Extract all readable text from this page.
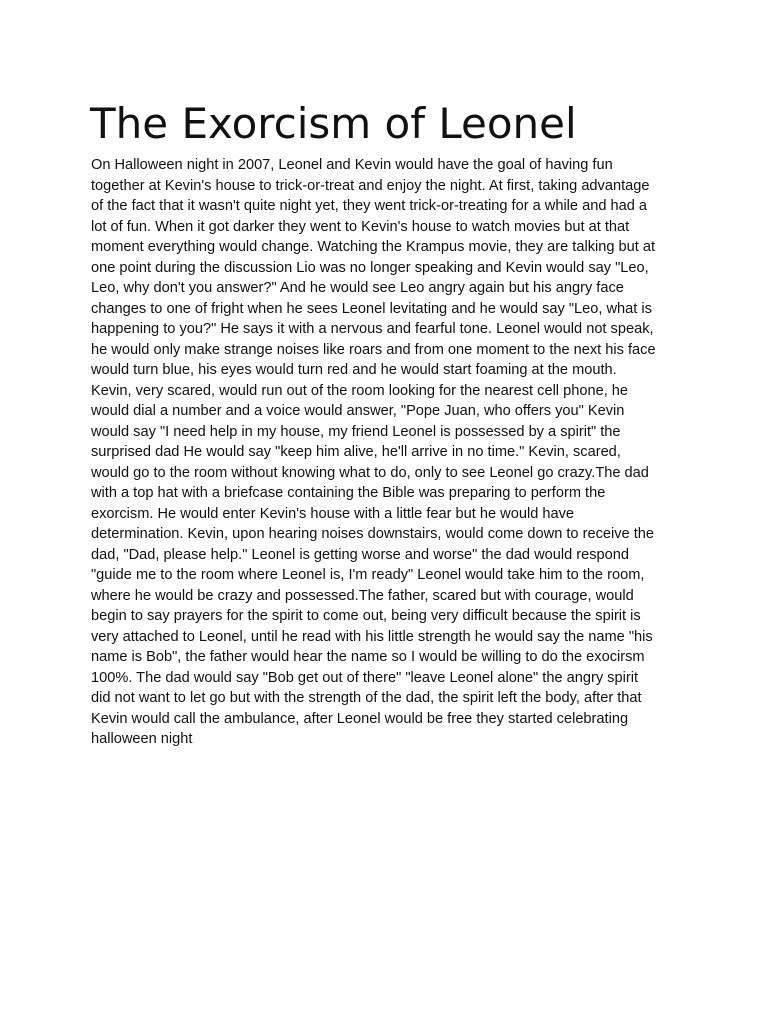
The Exorcism of Leonel
On Halloween night in 2007, Leonel and Kevin would have the goal of having fun
together at Kevin's house to trick-or-treat and enjoy the night. At first, taking advantage
of the fact that it wasn't quite night yet, they went trick-or-treating for a while and had a
lot of fun. When it got darker they went to Kevin's house to watch movies but at that
moment everything would change. Watching the Krampus movie, they are talking but at
one point during the discussion Lio was no longer speaking and Kevin would say "Leo,
Leo, why don't you answer?" And he would see Leo angry again but his angry face
changes to one of fright when he sees Leonel levitating and he would say "Leo, what is
happening to you?" He says it with a nervous and fearful tone. Leonel would not speak,
he would only make strange noises like roars and from one moment to the next his face
would turn blue, his eyes would turn red and he would start foaming at the mouth.
Kevin, very scared, would run out of the room looking for the nearest cell phone, he
would dial a number and a voice would answer, "Pope Juan, who offers you" Kevin
would say "I need help in my house, my friend Leonel is possessed by a spirit" the
surprised dad He would say "keep him alive, he'll arrive in no time." Kevin, scared,
would go to the room without knowing what to do, only to see Leonel go crazy.The dad
with a top hat with a briefcase containing the Bible was preparing to perform the
exorcism. He would enter Kevin's house with a little fear but he would have
determination. Kevin, upon hearing noises downstairs, would come down to receive the
dad, "Dad, please help." Leonel is getting worse and worse" the dad would respond
"guide me to the room where Leonel is, I'm ready" Leonel would take him to the room,
where he would be crazy and possessed.The father, scared but with courage, would
begin to say prayers for the spirit to come out, being very difficult because the spirit is
very attached to Leonel, until he read with his little strength he would say the name "his
name is Bob", the father would hear the name so I would be willing to do the exocirsm
100%. The dad would say "Bob get out of there" "leave Leonel alone" the angry spirit
did not want to let go but with the strength of the dad, the spirit left the body, after that
Kevin would call the ambulance, after Leonel would be free they started celebrating
halloween night
